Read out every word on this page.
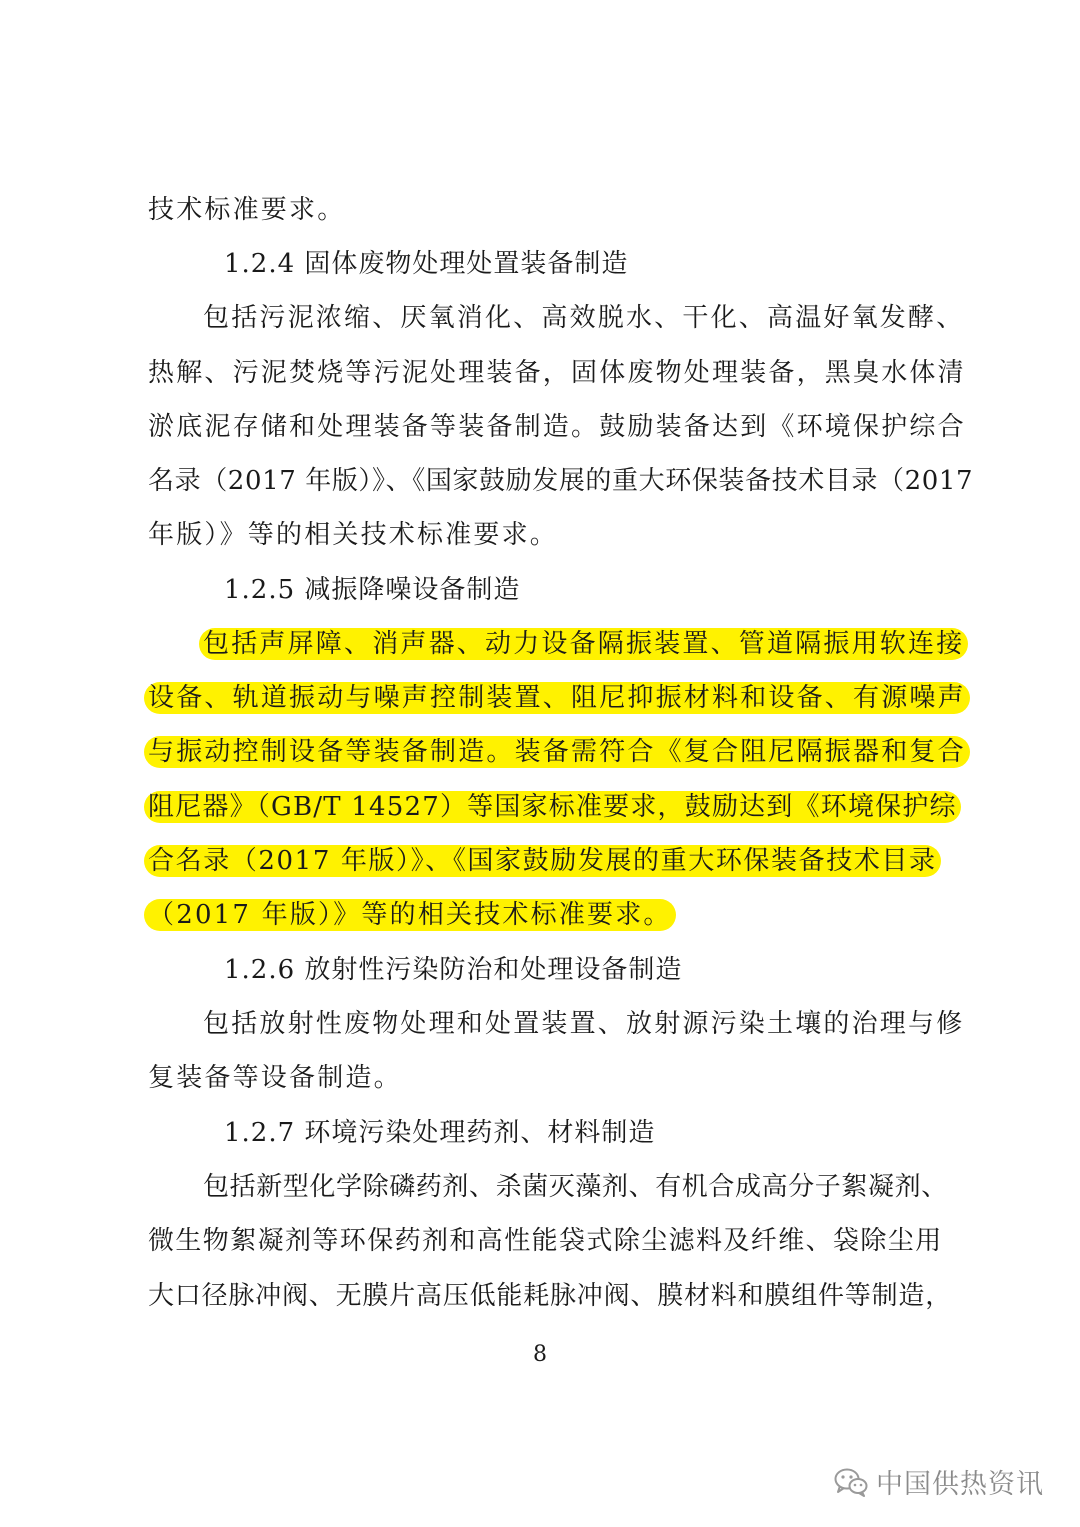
技术标准要求。
1.2.4 固体废物处理处置装备制造
包括污泥浓缩、厌氧消化、高效脱水、干化、高温好氧发酵、
热解、污泥焚烧等污泥处理装备，固体废物处理装备，黑臭水体清
淤底泥存储和处理装备等装备制造。鼓励装备达到《环境保护综合
名录（2017 年版）》、《国家鼓励发展的重大环保装备技术目录（2017
年版）》等的相关技术标准要求。
1.2.5 减振降噪设备制造
包括声屏障、消声器、动力设备隔振装置、管道隔振用软连接
设备、轨道振动与噪声控制装置、阻尼抑振材料和设备、有源噪声
与振动控制设备等装备制造。装备需符合《复合阻尼隔振器和复合
阻尼器》（GB/T 14527）等国家标准要求，鼓励达到《环境保护综
合名录（2017 年版）》、《国家鼓励发展的重大环保装备技术目录
（2017 年版）》等的相关技术标准要求。
1.2.6 放射性污染防治和处理设备制造
包括放射性废物处理和处置装置、放射源污染土壤的治理与修
复装备等设备制造。
1.2.7 环境污染处理药剂、材料制造
包括新型化学除磷药剂、杀菌灭藻剂、有机合成高分子絮凝剂、
微生物絮凝剂等环保药剂和高性能袋式除尘滤料及纤维、袋除尘用
大口径脉冲阀、无膜片高压低能耗脉冲阀、膜材料和膜组件等制造，
8
中国供热资讯
